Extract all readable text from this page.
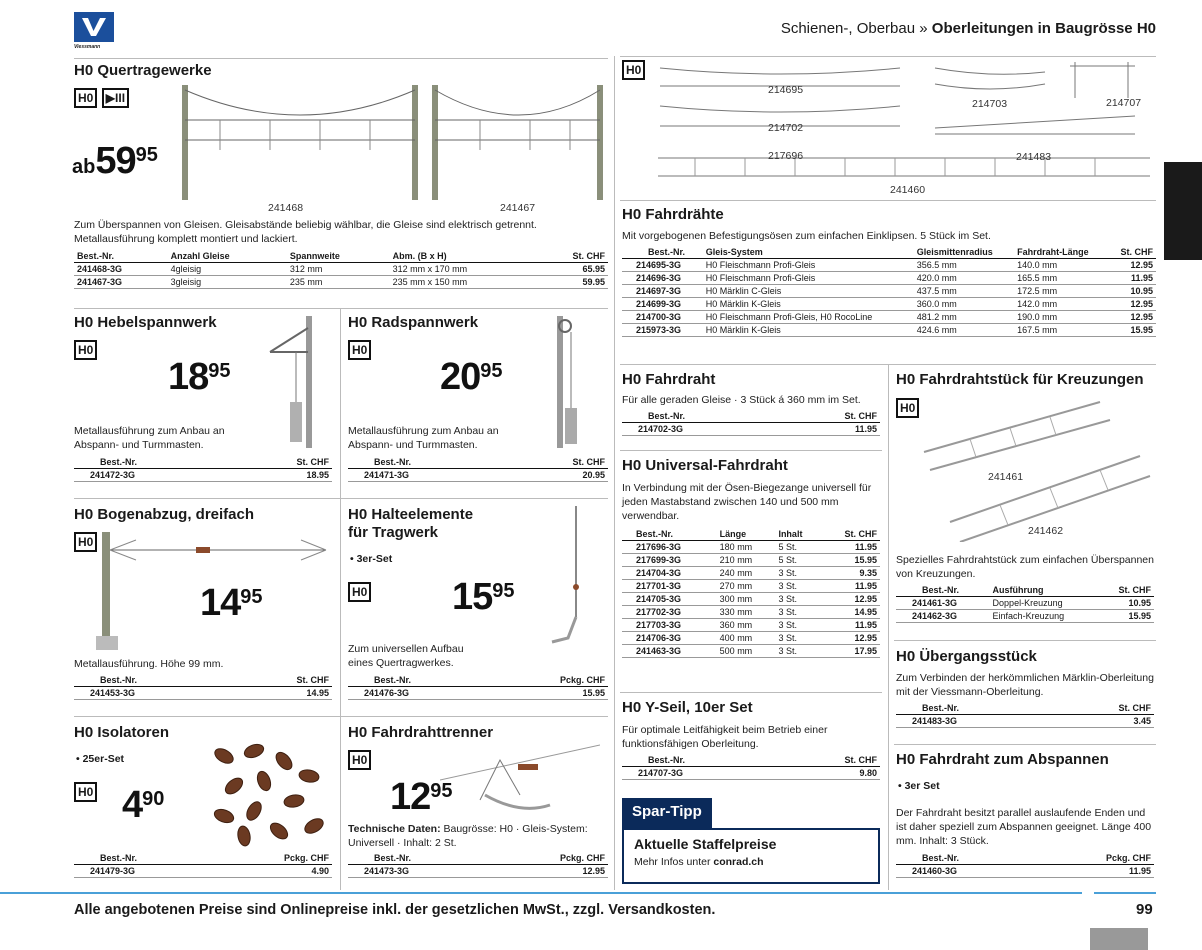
Viessmann
Schienen-, Oberbau » Oberleitungen in Baugrösse H0
H0 Quertragewerke
H0 ▶III
ab5995
241468	241467
Zum Überspannen von Gleisen. Gleisabstände beliebig wählbar, die Gleise sind elektrisch getrennt. Metallausführung komplett montiert und lackiert.
Best.-Nr.	Anzahl Gleise	Spannweite	Abm. (B x H)	St. CHF
241468-3G	4gleisig	312 mm	312 mm x 170 mm	65.95
241467-3G	3gleisig	235 mm	235 mm x 150 mm	59.95
H0 Hebelspannwerk
H0
1895
Metallausführung zum Anbau an Abspann- und Turmmasten.
Best.-Nr.	St. CHF
241472-3G	18.95
H0 Radspannwerk
H0
2095
Metallausführung zum Anbau an Abspann- und Turmmasten.
Best.-Nr.	St. CHF
241471-3G	20.95
H0 Bogenabzug, dreifach
H0
1495
Metallausführung. Höhe 99 mm.
Best.-Nr.	St. CHF
241453-3G	14.95
H0 Halteelemente
für Tragwerk
• 3er-Set
H0 1595
Zum universellen Aufbau eines Quertragwerkes.
Best.-Nr.	Pckg. CHF
241476-3G	15.95
H0 Isolatoren
• 25er-Set
H0 490
Best.-Nr.	Pckg. CHF
241479-3G	4.90
H0 Fahrdrahttrenner
H0
1295
Technische Daten: Baugrösse: H0 · Gleis-System: Universell · Inhalt: 2 St.
Best.-Nr.	Pckg. CHF
241473-3G	12.95
H0
214695
214703	214707
214702
217696	241483
241460
H0 Fahrdrähte
Mit vorgebogenen Befestigungsösen zum einfachen Einklipsen. 5 Stück im Set.
Best.-Nr.	Gleis-System	Gleismittenradius	Fahrdraht-Länge	St. CHF
214695-3G	H0 Fleischmann Profi-Gleis	356.5 mm	140.0 mm	12.95
214696-3G	H0 Fleischmann Profi-Gleis	420.0 mm	165.5 mm	11.95
214697-3G	H0 Märklin C-Gleis	437.5 mm	172.5 mm	10.95
214699-3G	H0 Märklin K-Gleis	360.0 mm	142.0 mm	12.95
214700-3G	H0 Fleischmann Profi-Gleis, H0 RocoLine	481.2 mm	190.0 mm	12.95
215973-3G	H0 Märklin K-Gleis	424.6 mm	167.5 mm	15.95
H0 Fahrdraht
Für alle geraden Gleise · 3 Stück á 360 mm im Set.
Best.-Nr.	St. CHF
214702-3G	11.95
H0 Universal-Fahrdraht
In Verbindung mit der Ösen-Biegezange universell für jeden Mastabstand zwischen 140 und 500 mm verwendbar.
Best.-Nr.	Länge	Inhalt	St. CHF
217696-3G	180 mm	5 St.	11.95
217699-3G	210 mm	5 St.	15.95
214704-3G	240 mm	3 St.	9.35
217701-3G	270 mm	3 St.	11.95
214705-3G	300 mm	3 St.	12.95
217702-3G	330 mm	3 St.	14.95
217703-3G	360 mm	3 St.	11.95
214706-3G	400 mm	3 St.	12.95
241463-3G	500 mm	3 St.	17.95
H0 Y-Seil, 10er Set
Für optimale Leitfähigkeit beim Betrieb einer funktionsfähigen Oberleitung.
Best.-Nr.	St. CHF
214707-3G	9.80
Spar-Tipp
Aktuelle Staffelpreise
Mehr Infos unter conrad.ch
H0 Fahrdrahtstück für Kreuzungen
H0
241461
241462
Spezielles Fahrdrahtstück zum einfachen Überspannen von Kreuzungen.
Best.-Nr.	Ausführung	St. CHF
241461-3G	Doppel-Kreuzung	10.95
241462-3G	Einfach-Kreuzung	15.95
H0 Übergangsstück
Zum Verbinden der herkömmlichen Märklin-Oberleitung mit der Viessmann-Oberleitung.
Best.-Nr.	St. CHF
241483-3G	3.45
H0 Fahrdraht zum Abspannen
• 3er Set
Der Fahrdraht besitzt parallel auslaufende Enden und ist daher speziell zum Abspannen geeignet. Länge 400 mm. Inhalt: 3 Stück.
Best.-Nr.	Pckg. CHF
241460-3G	11.95
Alle angebotenen Preise sind Onlinepreise inkl. der gesetzlichen MwSt., zzgl. Versandkosten.	99
